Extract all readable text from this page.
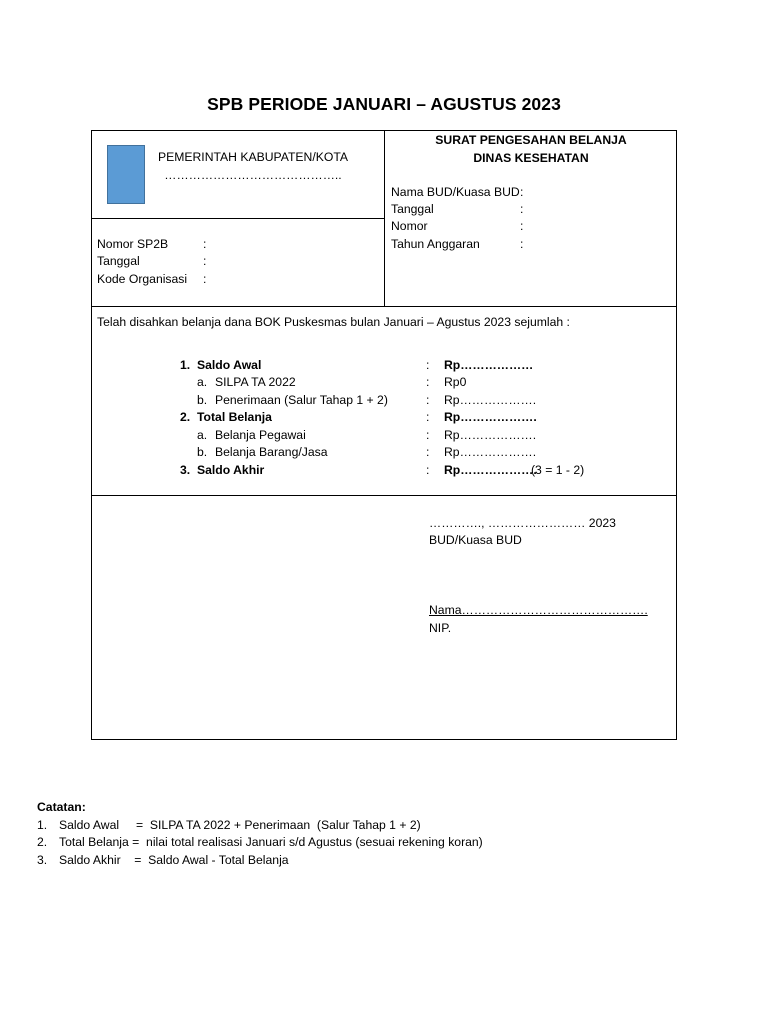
SPB PERIODE JANUARI – AGUSTUS 2023
PEMERINTAH KABUPATEN/KOTA
……………………………………..
SURAT PENGESAHAN BELANJA
DINAS KESEHATAN
Nama BUD/Kuasa BUD :
Tanggal	:
Nomor	:
Tahun Anggaran	:
Nomor SP2B	:
Tanggal	:
Kode Organisasi :
Telah disahkan belanja dana BOK Puskesmas bulan Januari – Agustus 2023 sejumlah :
1. Saldo Awal	: Rp………………
a. SILPA TA 2022	: Rp0
b. Penerimaan (Salur Tahap 1 + 2)	: Rp……………….
2. Total Belanja	: Rp……………….
a. Belanja Pegawai	: Rp……………….
b. Belanja Barang/Jasa	: Rp……………….
3. Saldo Akhir	: Rp……………….
(3 = 1 - 2)
…………., …………………… 2023
BUD/Kuasa BUD
Nama……………………………………….
NIP.
Catatan:
1. Saldo Awal     =  SILPA TA 2022 + Penerimaan  (Salur Tahap 1 + 2)
2. Total Belanja =  nilai total realisasi Januari s/d Agustus (sesuai rekening koran)
3. Saldo Akhir    =  Saldo Awal - Total Belanja
